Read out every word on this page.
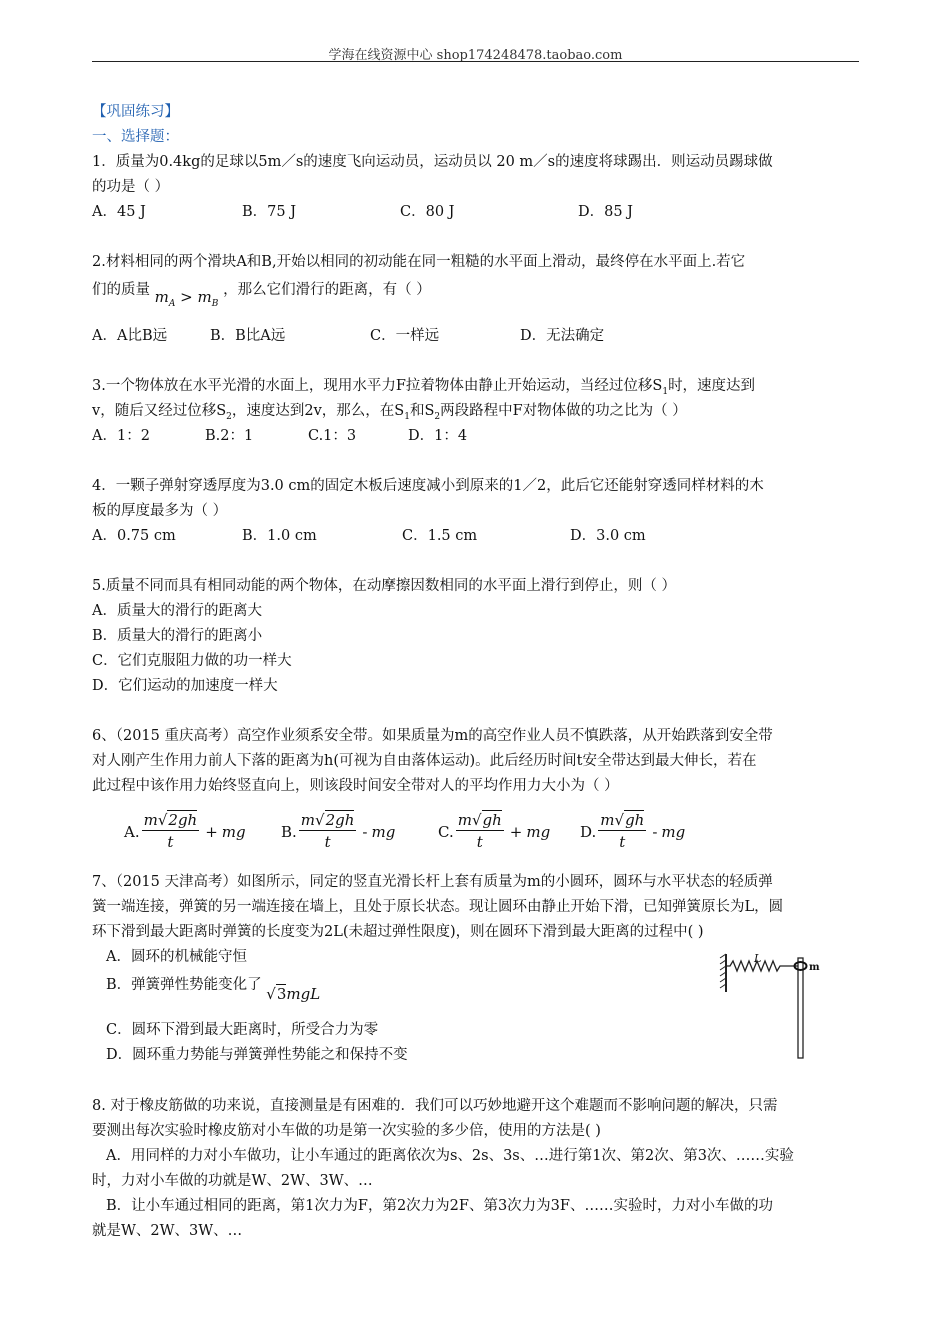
学海在线资源中心 shop174248478.taobao.com
【巩固练习】
一、选择题：
1．质量为0.4kg的足球以5m／s的速度飞向运动员，运动员以 20 m／s的速度将球踢出．则运动员踢球做
的功是（ ）
A．45 J	B．75 J	C．80 J	D．85 J
2.材料相同的两个滑块A和B,开始以相同的初动能在同一粗糙的水平面上滑动，最终停在水平面上.若它
们的质量 $m_A > m_B$ ，那么它们滑行的距离，有（ ）
A．A比B远	B．B比A远	C．一样远	D．无法确定
3.一个物体放在水平光滑的水面上，现用水平力F拉着物体由静止开始运动，当经过位移$S_1$时，速度达到
v，随后又经过位移$S_2$，速度达到2v，那么，在$S_1$和$S_2$两段路程中F对物体做的功之比为（ ）
A．1：2	B.2：1	C.1：3	D．1：4
4．一颗子弹射穿透厚度为3.0 cm的固定木板后速度减小到原来的1／2，此后它还能射穿透同样材料的木
板的厚度最多为（ ）
A．0.75 cm	B．1.0 cm	C．1.5 cm	D．3.0 cm
5.质量不同而具有相同动能的两个物体，在动摩擦因数相同的水平面上滑行到停止，则（ ）
A．质量大的滑行的距离大
B．质量大的滑行的距离小
C．它们克服阻力做的功一样大
D．它们运动的加速度一样大
6、（2015 重庆高考）高空作业须系安全带。如果质量为m的高空作业人员不慎跌落，从开始跌落到安全带
对人刚产生作用力前人下落的距离为h(可视为自由落体运动)。此后经历时间t安全带达到最大伸长，若在
此过程中该作用力始终竖直向上，则该段时间安全带对人的平均作用力大小为（ ）
A. $\frac{m√2gh}{t}$ + mg B. $\frac{m√2gh}{t}$ - mg	C. $\frac{m√gh}{t}$ + mg D. $\frac{m√gh}{t}$ - mg
7、（2015 天津高考）如图所示，同定的竖直光滑长杆上套有质量为m的小圆环，圆环与水平状态的轻质弹
簧一端连接，弹簧的另一端连接在墙上，且处于原长状态。现让圆环由静止开始下滑，已知弹簧原长为L，圆
环下滑到最大距离时弹簧的长度变为2L(未超过弹性限度)，则在圆环下滑到最大距离的过程中( )
A．圆环的机械能守恒
B．弹簧弹性势能变化了 √3mgL
C．圆环下滑到最大距离时，所受合力为零
D．圆环重力势能与弹簧弹性势能之和保持不变
L
m
8. 对于橡皮筋做的功来说，直接测量是有困难的．我们可以巧妙地避开这个难题而不影响问题的解决，只需
要测出每次实验时橡皮筋对小车做的功是第一次实验的多少倍，使用的方法是( )
A．用同样的力对小车做功，让小车通过的距离依次为s、2s、3s、…进行第1次、第2次、第3次、……实验
时，力对小车做的功就是W、2W、3W、…
B．让小车通过相同的距离，第1次力为F，第2次力为2F、第3次力为3F、……实验时，力对小车做的功
就是W、2W、3W、…
